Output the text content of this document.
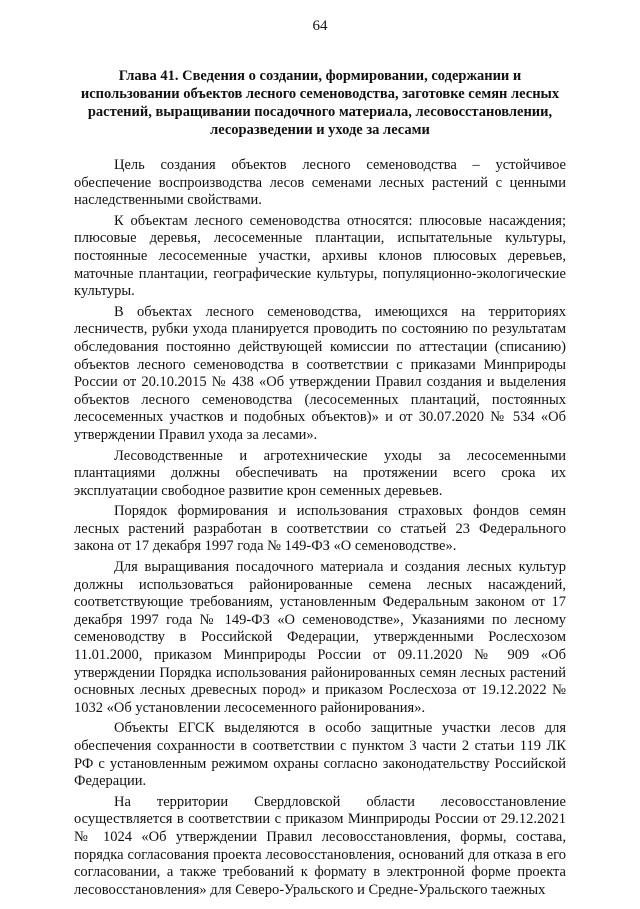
64
Глава 41. Сведения о создании, формировании, содержании и использовании объектов лесного семеноводства, заготовке семян лесных растений, выращивании посадочного материала, лесовосстановлении, лесоразведении и уходе за лесами

Цель создания объектов лесного семеноводства – устойчивое обеспечение воспроизводства лесов семенами лесных растений с ценными наследственными свойствами.

К объектам лесного семеноводства относятся: плюсовые насаждения; плюсовые деревья, лесосеменные плантации, испытательные культуры, постоянные лесосеменные участки, архивы клонов плюсовых деревьев, маточные плантации, географические культуры, популяционно-экологические культуры.

В объектах лесного семеноводства, имеющихся на территориях лесничеств, рубки ухода планируется проводить по состоянию по результатам обследования постоянно действующей комиссии по аттестации (списанию) объектов лесного семеноводства в соответствии с приказами Минприроды России от 20.10.2015 № 438 «Об утверждении Правил создания и выделения объектов лесного семеноводства (лесосеменных плантаций, постоянных лесосеменных участков и подобных объектов)» и от 30.07.2020 № 534 «Об утверждении Правил ухода за лесами».

Лесоводственные и агротехнические уходы за лесосеменными плантациями должны обеспечивать на протяжении всего срока их эксплуатации свободное развитие крон семенных деревьев.

Порядок формирования и использования страховых фондов семян лесных растений разработан в соответствии со статьей 23 Федерального закона от 17 декабря 1997 года № 149-ФЗ «О семеноводстве».

Для выращивания посадочного материала и создания лесных культур должны использоваться районированные семена лесных насаждений, соответствующие требованиям, установленным Федеральным законом от 17 декабря 1997 года № 149-ФЗ «О семеноводстве», Указаниями по лесному семеноводству в Российской Федерации, утвержденными Рослесхозом 11.01.2000, приказом Минприроды России от 09.11.2020 № 909 «Об утверждении Порядка использования районированных семян лесных растений основных лесных древесных пород» и приказом Рослесхоза от 19.12.2022 № 1032 «Об установлении лесосеменного районирования».

Объекты ЕГСК выделяются в особо защитные участки лесов для обеспечения сохранности в соответствии с пунктом 3 части 2 статьи 119 ЛК РФ с установленным режимом охраны согласно законодательству Российской Федерации.

На территории Свердловской области лесовосстановление осуществляется в соответствии с приказом Минприроды России от 29.12.2021 № 1024 «Об утверждении Правил лесовосстановления, формы, состава, порядка согласования проекта лесовосстановления, оснований для отказа в его согласовании, а также требований к формату в электронной форме проекта лесовосстановления» для Северо-Уральского и Средне-Уральского таежных
